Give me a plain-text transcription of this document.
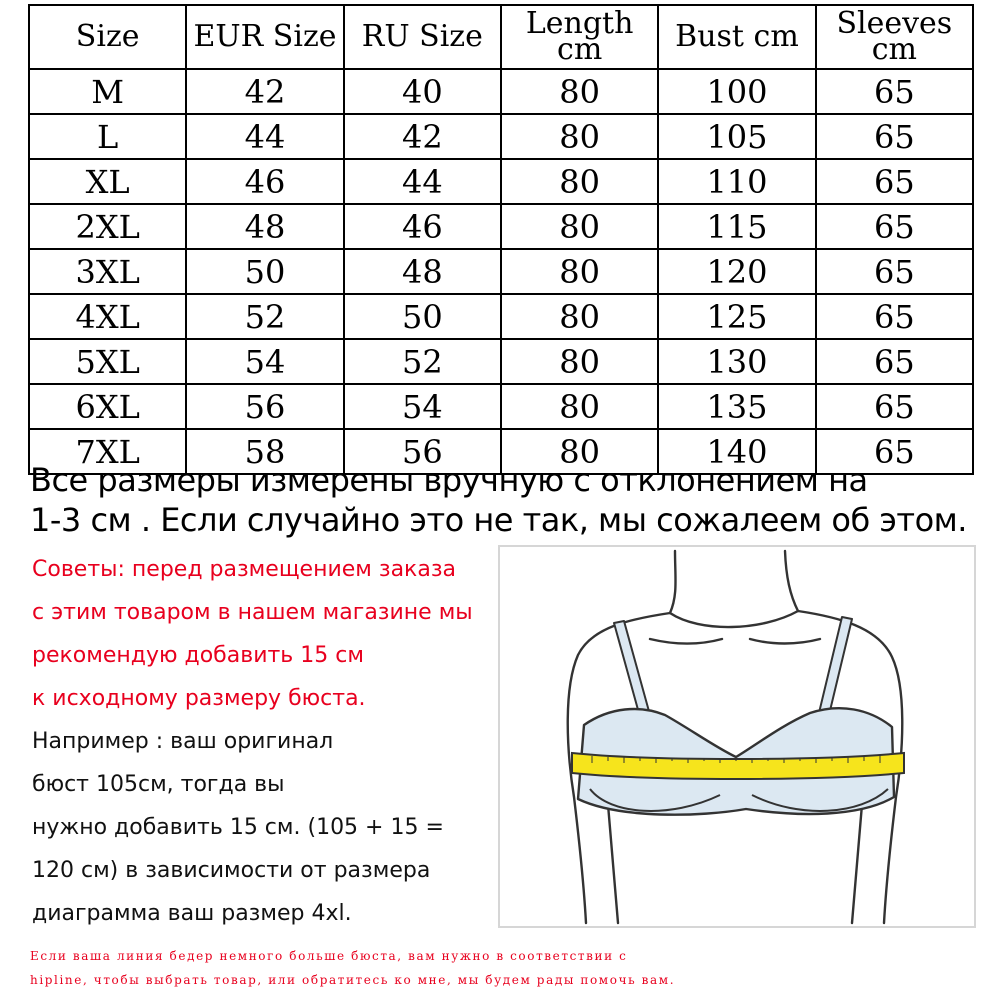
Size	EUR Size	RU Size	Length cm	Bust cm	Sleeves cm
M	42	40	80	100	65
L	44	42	80	105	65
XL	46	44	80	110	65
2XL	48	46	80	115	65
3XL	50	48	80	120	65
4XL	52	50	80	125	65
5XL	54	52	80	130	65
6XL	56	54	80	135	65
7XL	58	56	80	140	65
Все размеры измерены вручную с отклонением на
1-3 см . Если случайно это не так, мы сожалеем об этом.
Советы: перед размещением заказа
с этим товаром в нашем магазине мы
рекомендую добавить 15 см
к исходному размеру бюста.
Например : ваш оригинал
бюст 105см, тогда вы
нужно добавить 15 см. (105 + 15 =
120 см) в зависимости от размера
диаграмма ваш размер 4xl.
Если ваша линия бедер немного больше бюста, вам нужно в соответствии с
hipline, чтобы выбрать товар, или обратитесь ко мне, мы будем рады помочь вам.
